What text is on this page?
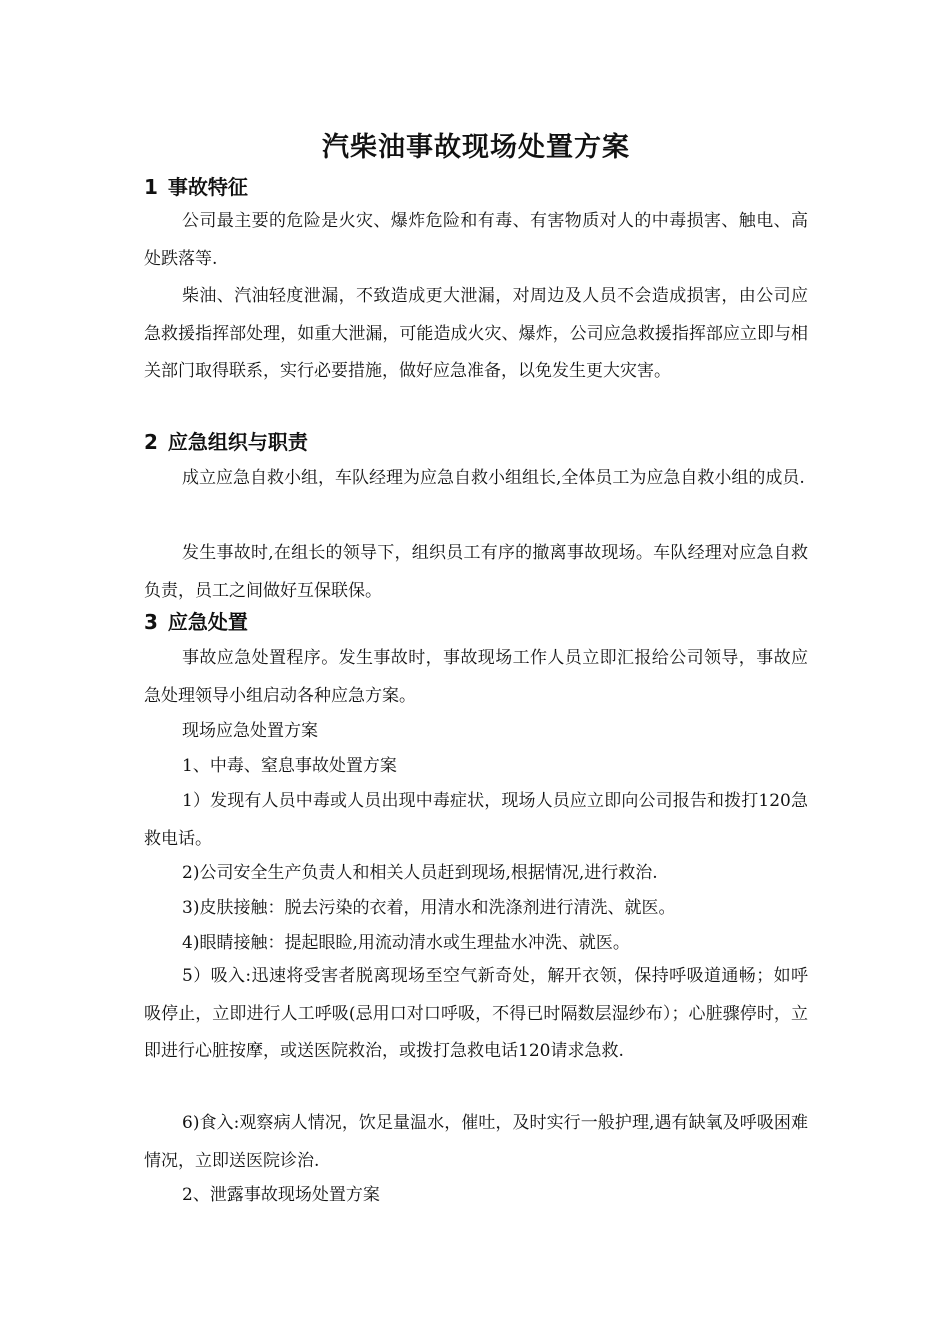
汽柴油事故现场处置方案
1 事故特征

公司最主要的危险是火灾、爆炸危险和有毒、有害物质对人的中毒损害、触电、高处跌落等.

柴油、汽油轻度泄漏，不致造成更大泄漏，对周边及人员不会造成损害，由公司应急救援指挥部处理，如重大泄漏，可能造成火灾、爆炸，公司应急救援指挥部应立即与相关部门取得联系，实行必要措施，做好应急准备，以免发生更大灾害。

2 应急组织与职责

成立应急自救小组，车队经理为应急自救小组组长,全体员工为应急自救小组的成员.

发生事故时,在组长的领导下，组织员工有序的撤离事故现场。车队经理对应急自救负责，员工之间做好互保联保。

3 应急处置

事故应急处置程序。发生事故时，事故现场工作人员立即汇报给公司领导，事故应急处理领导小组启动各种应急方案。

现场应急处置方案

1、中毒、窒息事故处置方案

1）发现有人员中毒或人员出现中毒症状，现场人员应立即向公司报告和拨打120急救电话。

2)公司安全生产负责人和相关人员赶到现场,根据情况,进行救治.

3)皮肤接触：脱去污染的衣着，用清水和洗涤剂进行清洗、就医。

4)眼睛接触：提起眼睑,用流动清水或生理盐水冲洗、就医。

5）吸入:迅速将受害者脱离现场至空气新奇处，解开衣领，保持呼吸道通畅；如呼吸停止，立即进行人工呼吸(忌用口对口呼吸，不得已时隔数层湿纱布）；心脏骤停时，立即进行心脏按摩，或送医院救治，或拨打急救电话120请求急救.

6)食入:观察病人情况，饮足量温水，催吐，及时实行一般护理,遇有缺氧及呼吸困难情况，立即送医院诊治.

2、泄露事故现场处置方案
